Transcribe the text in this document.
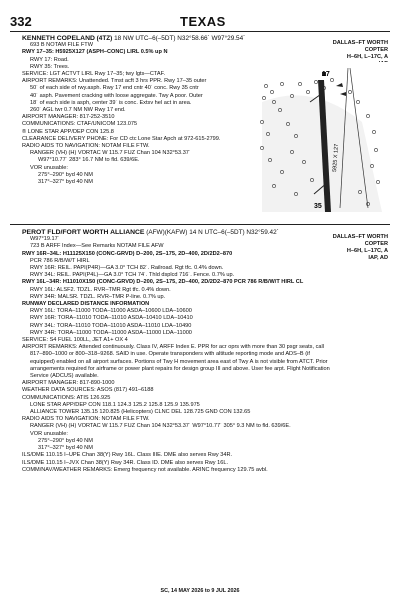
332	TEXAS

KENNETH COPELAND (4TZ) 18 NW UTC–6(–5DT) N32°58.66´ W97°29.54´

693 B NOTAM FILE FTW

RWY 17–35: H5925X127 (ASPH–CONC) LIRL 0.5% up N

RWY 17: Road.

RWY 35: Trees.

SERVICE: LGT ACTVT LIRL Rwy 17–35; twy lgts—CTAF.

AIRPORT REMARKS: Unattended. Tmst acft 3 hrs PPR. Rwy 17–35 outer

50´ of each side of rwy.asph. Rwy 17 end cntr 40´ conc. Rwy 35 cntr

40´ asph. Pavement cracking with loose aggregate. Twy A poor. Outer

18´ of each side is asph, center 39´ is conc. Extsv hel act in area.

260´ AGL twr 0.7 NM NW Rwy 17 end.

AIRPORT MANAGER: 817-252-3510

COMMUNICATIONS: CTAF/UNICOM 123.075

® LONE STAR APP/DEP CON 125.8

CLEARANCE DELIVERY PHONE: For CD ctc Lone Star Apch at 972-615-2799.

RADIO AIDS TO NAVIGATION: NOTAM FILE FTW.

RANGER (VH) (H) VORTAC W 115.7 FUZ Chan 104 N32°53.37´

W97°10.77´ 283° 16.7 NM to fld. 639/6E.

VOR unusable:

275°–290° byd 40 NM

317°–327° byd 40 NM

DALLAS–FT WORTH
COPTER
H–6H, L–17C, A
17
35
5925 X 127

PEROT FLD/FORT WORTH ALLIANCE (AFW)(KAFW) 14 N UTC–6(–5DT) N32°59.42´

W97°19.17´

723 B ARFF Index—See Remarks NOTAM FILE AFW

RWY 16R–34L: H11125X150 (CONC-GRVD) D–200, 2S–175, 2D–400, 2D/2D2–870

PCR 786 R/B/W/T HIRL

RWY 16R: REIL. PAPI(P4R)—GA 3.0° TCH 82´. Railroad. Rgt tfc. 0.4% down.

RWY 34L: REIL. PAPI(P4L)—GA 3.0° TCH 74´. Thld dsplcd 716´. Fence. 0.7% up.

RWY 16L–34R: H11010X150 (CONC-GRVD) D–200, 2S–175, 2D–400, 2D/2D2–870 PCR 786 R/B/W/T HIRL CL

RWY 16L: ALSF2. TDZL. RVR–TMR Rgt tfc. 0.4% down.

RWY 34R: MALSR. TDZL. RVR–TMR P-line. 0.7% up.

RUNWAY DECLARED DISTANCE INFORMATION

RWY 16L: TORA–11000 TODA–11000 ASDA–10600 LDA–10600

RWY 16R: TORA–11010 TODA–11010 ASDA–10410 LDA–10410

RWY 34L: TORA–11010 TODA–11010 ASDA–11010 LDA–10490

RWY 34R: TORA–11000 TODA–11000 ASDA–11000 LDA–11000

SERVICE: S4 FUEL 100LL, JET A1+ OX 4

AIRPORT REMARKS: Attended continuously. Class IV, ARFF Index E. PPR for acr oprs with more than 30 psgr seats, call

817–890–1000 or 800–318–9268. SAID in use. Operate transponders with altitude reporting mode and ADS–B (if

equipped) enabled on all airport surfaces. Portions of Twy H movement area east of Twy A is not visible from ATCT. Prior

arrangements required for airframe or power plant repairs for design group III and above. User fee arpt. Flight Notification

Service (ADCUS) available.

AIRPORT MANAGER: 817-890-1000

WEATHER DATA SOURCES: ASOS (817) 491–6188

COMMUNICATIONS: ATIS 126.925

LONE STAR APP/DEP CON 118.1 124.3 125.2 125.8 125.9 135.975

ALLIANCE TOWER 135.15 120.825 (Helicopters) CLNC DEL 128.725 GND CON 132.65

RADIO AIDS TO NAVIGATION: NOTAM FILE FTW.

RANGER (VH) (H) VORTAC W 115.7 FUZ Chan 104 N32°53.37´ W97°10.77´ 305° 9.3 NM to fld. 639/6E.

VOR unusable:

275°–290° byd 40 NM

317°–327° byd 40 NM

ILS/DME 110.15 I–UPE Chan 38(Y) Rwy 16L. Class IIIE. DME also serves Rwy 34R.

ILS/DME 110.15 I–JVX Chan 38(Y) Rwy 34R. Class ID. DME also serves Rwy 16L.

COMM/NAV/WEATHER REMARKS: Emerg frequency not available. ARINC frequency 129.75 avbl.

DALLAS–FT WORTH
COPTER
H–6H, L–17C, A
IAP, AD
SC, 14 MAY 2026 to 9 JUL 2026
